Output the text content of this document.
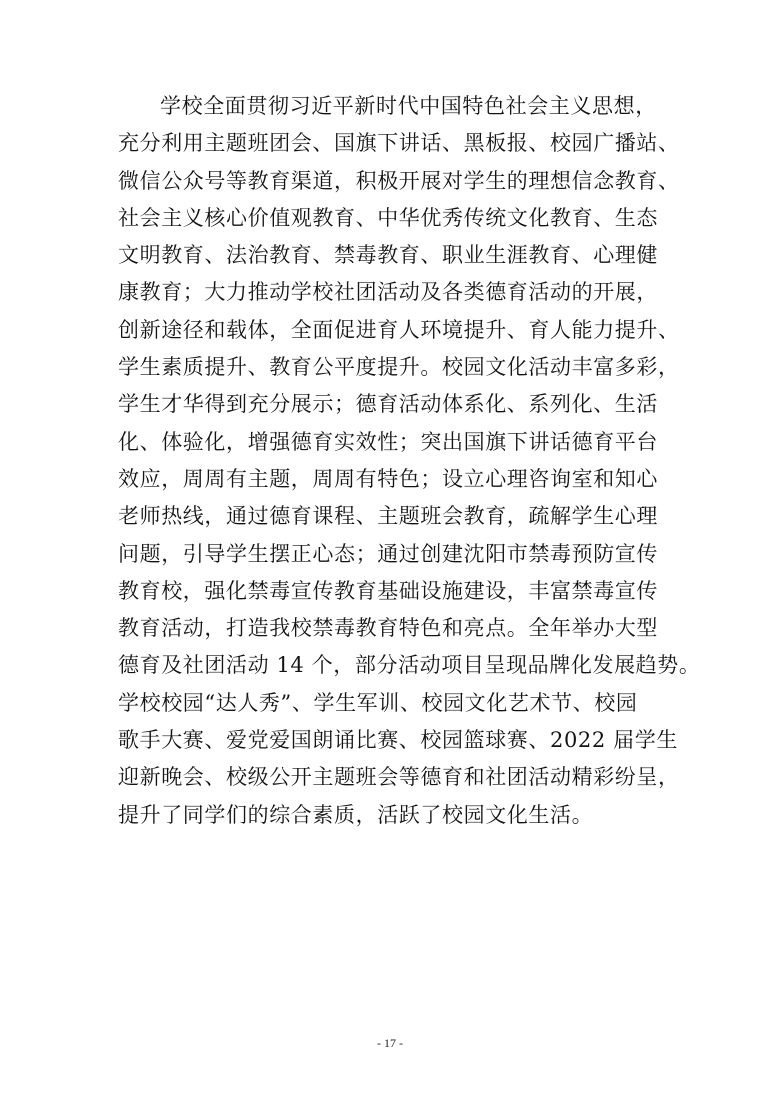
学校全面贯彻习近平新时代中国特色社会主义思想，
充分利用主题班团会、国旗下讲话、黑板报、校园广播站、
微信公众号等教育渠道，积极开展对学生的理想信念教育、
社会主义核心价值观教育、中华优秀传统文化教育、生态
文明教育、法治教育、禁毒教育、职业生涯教育、心理健
康教育；大力推动学校社团活动及各类德育活动的开展，
创新途径和载体，全面促进育人环境提升、育人能力提升、
学生素质提升、教育公平度提升。校园文化活动丰富多彩，
学生才华得到充分展示；德育活动体系化、系列化、生活
化、体验化，增强德育实效性；突出国旗下讲话德育平台
效应，周周有主题，周周有特色；设立心理咨询室和知心
老师热线，通过德育课程、主题班会教育，疏解学生心理
问题，引导学生摆正心态；通过创建沈阳市禁毒预防宣传
教育校，强化禁毒宣传教育基础设施建设，丰富禁毒宣传
教育活动，打造我校禁毒教育特色和亮点。全年举办大型
德育及社团活动 14 个，部分活动项目呈现品牌化发展趋势。
学校校园“达人秀”、学生军训、校园文化艺术节、校园
歌手大赛、爱党爱国朗诵比赛、校园篮球赛、2022 届学生
迎新晚会、校级公开主题班会等德育和社团活动精彩纷呈，
提升了同学们的综合素质，活跃了校园文化生活。
- 17 -
